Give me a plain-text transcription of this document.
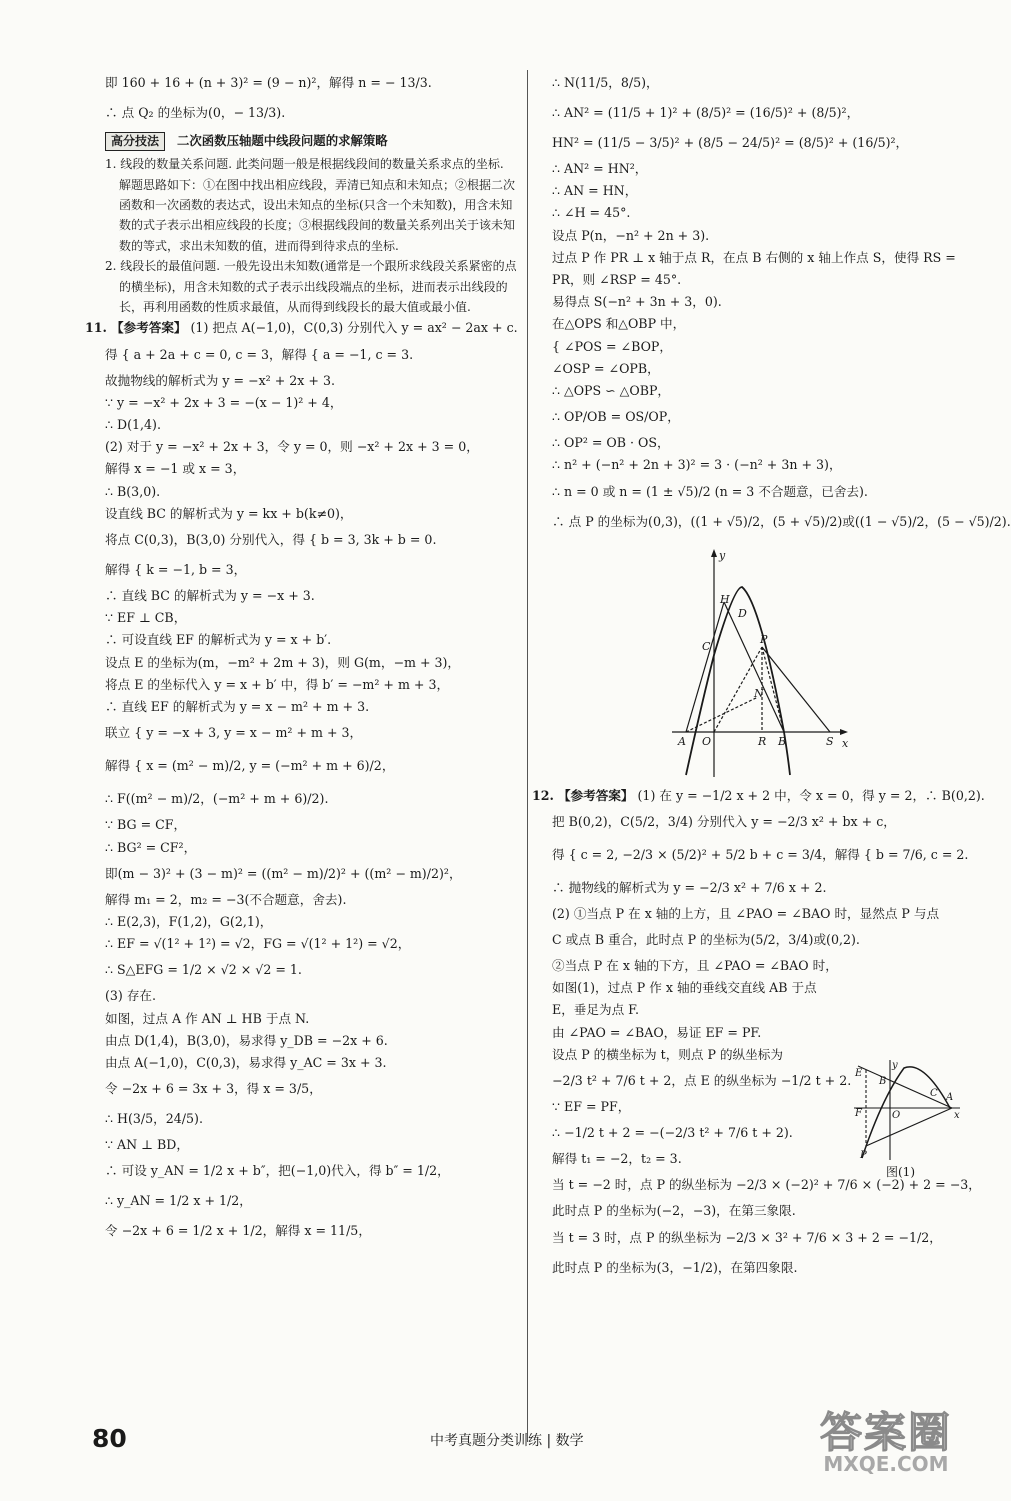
即 160 + 16 + (n + 3)² = (9 − n)²，解得 n = − 13/3.
∴ 点 Q₂ 的坐标为(0，− 13/3).
高分技法	二次函数压轴题中线段问题的求解策略

1. 线段的数量关系问题. 此类问题一般是根据线段间的数量关系求点的坐标. 解题思路如下：①在图中找出相应线段，弄清已知点和未知点；②根据二次函数和一次函数的表达式，设出未知点的坐标(只含一个未知数)，用含未知数的式子表示出相应线段的长度；③根据线段间的数量关系列出关于该未知数的等式，求出未知数的值，进而得到待求点的坐标.

2. 线段长的最值问题. 一般先设出未知数(通常是一个跟所求线段关系紧密的点的横坐标)，用含未知数的式子表示出线段端点的坐标，进而表示出线段的长，再利用函数的性质求最值，从而得到线段长的最大值或最小值.

11. 【参考答案】 (1) 把点 A(−1,0)，C(0,3) 分别代入 y = ax² − 2ax + c.
得 { a + 2a + c = 0, c = 3，解得 { a = −1, c = 3.
故抛物线的解析式为 y = −x² + 2x + 3.
∵ y = −x² + 2x + 3 = −(x − 1)² + 4，
∴ D(1,4).
(2) 对于 y = −x² + 2x + 3，令 y = 0，则 −x² + 2x + 3 = 0，
解得 x = −1 或 x = 3，
∴ B(3,0).
设直线 BC 的解析式为 y = kx + b(k≠0)，
将点 C(0,3)，B(3,0) 分别代入，得 { b = 3, 3k + b = 0.
解得 { k = −1, b = 3，
∴ 直线 BC 的解析式为 y = −x + 3.
∵ EF ⊥ CB，
∴ 可设直线 EF 的解析式为 y = x + b′.
设点 E 的坐标为(m，−m² + 2m + 3)，则 G(m，−m + 3)，
将点 E 的坐标代入 y = x + b′ 中，得 b′ = −m² + m + 3，
∴ 直线 EF 的解析式为 y = x − m² + m + 3.
联立 { y = −x + 3, y = x − m² + m + 3，
解得 { x = (m² − m)/2, y = (−m² + m + 6)/2，
∴ F((m² − m)/2，(−m² + m + 6)/2).
∵ BG = CF，
∴ BG² = CF²，
即(m − 3)² + (3 − m)² = ((m² − m)/2)² + ((m² − m)/2)²，
解得 m₁ = 2，m₂ = −3(不合题意，舍去).
∴ E(2,3)，F(1,2)，G(2,1)，
∴ EF = √(1² + 1²) = √2，FG = √(1² + 1²) = √2，
∴ S△EFG = 1/2 × √2 × √2 = 1.
(3) 存在.
如图，过点 A 作 AN ⊥ HB 于点 N.
由点 D(1,4)，B(3,0)，易求得 y_DB = −2x + 6.
由点 A(−1,0)，C(0,3)，易求得 y_AC = 3x + 3.
令 −2x + 6 = 3x + 3，得 x = 3/5，
∴ H(3/5，24/5).
∵ AN ⊥ BD，
∴ 可设 y_AN = 1/2 x + b″，把(−1,0)代入，得 b″ = 1/2，
∴ y_AN = 1/2 x + 1/2，
令 −2x + 6 = 1/2 x + 1/2，解得 x = 11/5，
∴ N(11/5，8/5)，
∴ AN² = (11/5 + 1)² + (8/5)² = (16/5)² + (8/5)²，
HN² = (11/5 − 3/5)² + (8/5 − 24/5)² = (8/5)² + (16/5)²，
∴ AN² = HN²，
∴ AN = HN，
∴ ∠H = 45°.
设点 P(n，−n² + 2n + 3).
过点 P 作 PR ⊥ x 轴于点 R，在点 B 右侧的 x 轴上作点 S，使得 RS =
PR，则 ∠RSP = 45°.
易得点 S(−n² + 3n + 3，0).
在△OPS 和△OBP 中，
{ ∠POS = ∠BOP，
∠OSP = ∠OPB，
∴ △OPS ∽ △OBP，
∴ OP/OB = OS/OP，
∴ OP² = OB · OS，
∴ n² + (−n² + 2n + 3)² = 3 · (−n² + 3n + 3)，
∴ n = 0 或 n = (1 ± √5)/2 (n = 3 不合题意，已舍去).
∴ 点 P 的坐标为(0,3)，((1 + √5)/2，(5 + √5)/2)或((1 − √5)/2，(5 − √5)/2).
y
x
H
D
C
P
N
A O	R B	S
12. 【参考答案】 (1) 在 y = −1/2 x + 2 中，令 x = 0，得 y = 2，∴ B(0,2).
把 B(0,2)，C(5/2，3/4) 分别代入 y = −2/3 x² + bx + c，
得 { c = 2, −2/3 × (5/2)² + 5/2 b + c = 3/4，解得 { b = 7/6, c = 2.
∴ 抛物线的解析式为 y = −2/3 x² + 7/6 x + 2.
(2) ①当点 P 在 x 轴的上方，且 ∠PAO = ∠BAO 时，显然点 P 与点
C 或点 B 重合，此时点 P 的坐标为(5/2，3/4)或(0,2).
②当点 P 在 x 轴的下方，且 ∠PAO = ∠BAO 时，
如图(1)，过点 P 作 x 轴的垂线交直线 AB 于点
E，垂足为点 F.
由 ∠PAO = ∠BAO，易证 EF = PF.
设点 P 的横坐标为 t，则点 P 的纵坐标为
−2/3 t² + 7/6 t + 2，点 E 的纵坐标为 −1/2 t + 2.
∵ EF = PF，
∴ −1/2 t + 2 = −(−2/3 t² + 7/6 t + 2).
解得 t₁ = −2，t₂ = 3.
当 t = −2 时，点 P 的纵坐标为 −2/3 × (−2)² + 7/6 × (−2) + 2 = −3，
此时点 P 的坐标为(−2，−3)，在第三象限.
当 t = 3 时，点 P 的纵坐标为 −2/3 × 3² + 7/6 × 3 + 2 = −1/2，
此时点 P 的坐标为(3，−1/2)，在第四象限.
y
x
E
B
F	O
C A
P
图(1)
80	中考真题分类训练 | 数学	答案圈
MXQE.COM
